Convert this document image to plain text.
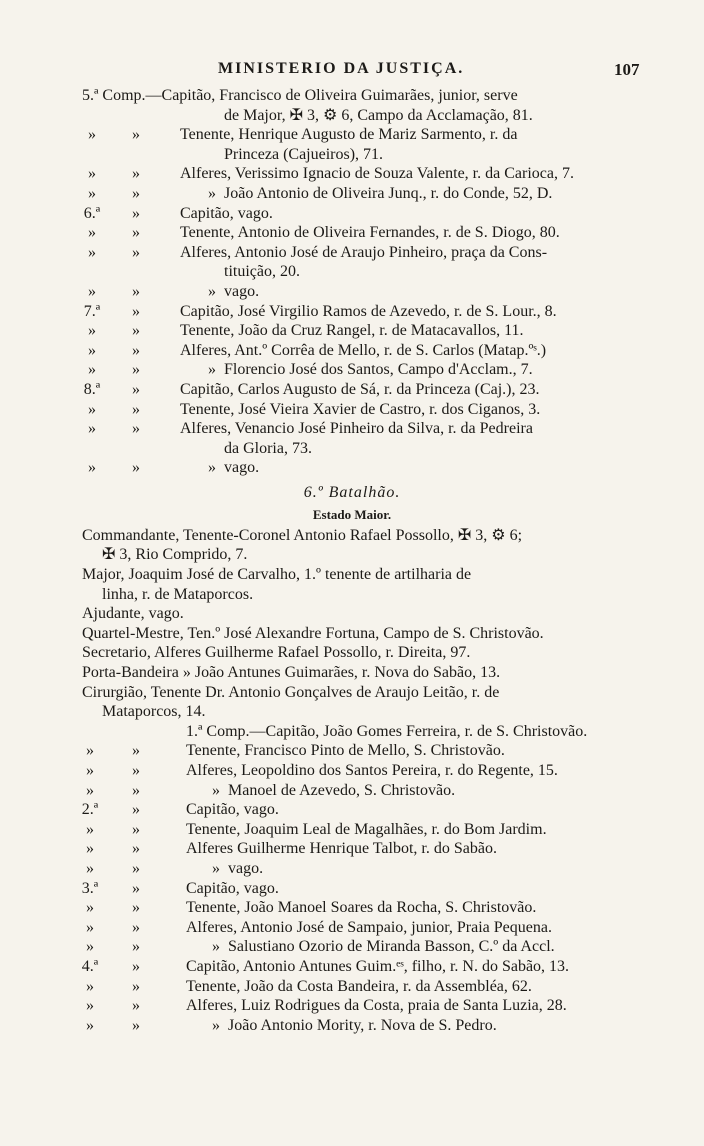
MINISTERIO DA JUSTIÇA.	107
5.ª Comp.—Capitão, Francisco de Oliveira Guimarães, junior, serve
de Major, ✠ 3, ⚙ 6, Campo da Acclamação, 81.
»	»	Tenente, Henrique Augusto de Mariz Sarmento, r. da
Princeza (Cajueiros), 71.
»	»	Alferes, Verissimo Ignacio de Souza Valente, r. da Carioca, 7.
»	»	» João Antonio de Oliveira Junq., r. do Conde, 52, D.
6.ª	»	Capitão, vago.
»	»	Tenente, Antonio de Oliveira Fernandes, r. de S. Diogo, 80.
»	»	Alferes, Antonio José de Araujo Pinheiro, praça da Cons-
tituição, 20.
»	»	» vago.
7.ª	»	Capitão, José Virgilio Ramos de Azevedo, r. de S. Lour., 8.
»	»	Tenente, João da Cruz Rangel, r. de Matacavallos, 11.
»	»	Alferes, Ant.º Corrêa de Mello, r. de S. Carlos (Matap.ºˢ.)
»	»	» Florencio José dos Santos, Campo d'Acclam., 7.
8.ª	»	Capitão, Carlos Augusto de Sá, r. da Princeza (Caj.), 23.
»	»	Tenente, José Vieira Xavier de Castro, r. dos Ciganos, 3.
»	»	Alferes, Venancio José Pinheiro da Silva, r. da Pedreira
da Gloria, 73.
»	»	» vago.
6.º Batalhão.
Estado Maior.
Commandante, Tenente-Coronel Antonio Rafael Possollo, ✠ 3, ⚙ 6;
✠ 3, Rio Comprido, 7.
Major, Joaquim José de Carvalho, 1.º tenente de artilharia de
linha, r. de Mataporcos.
Ajudante, vago.
Quartel-Mestre, Ten.º José Alexandre Fortuna, Campo de S. Christovão.
Secretario, Alferes Guilherme Rafael Possollo, r. Direita, 97.
Porta-Bandeira » João Antunes Guimarães, r. Nova do Sabão, 13.
Cirurgião, Tenente Dr. Antonio Gonçalves de Araujo Leitão, r. de
Mataporcos, 14.
1.ª Comp.—Capitão, João Gomes Ferreira, r. de S. Christovão.
»	»	Tenente, Francisco Pinto de Mello, S. Christovão.
»	»	Alferes, Leopoldino dos Santos Pereira, r. do Regente, 15.
»	»	» Manoel de Azevedo, S. Christovão.
2.ª	»	Capitão, vago.
»	»	Tenente, Joaquim Leal de Magalhães, r. do Bom Jardim.
»	»	Alferes Guilherme Henrique Talbot, r. do Sabão.
»	»	» vago.
3.ª	»	Capitão, vago.
»	»	Tenente, João Manoel Soares da Rocha, S. Christovão.
»	»	Alferes, Antonio José de Sampaio, junior, Praia Pequena.
»	»	» Salustiano Ozorio de Miranda Basson, C.º da Accl.
4.ª	»	Capitão, Antonio Antunes Guim.ᵉˢ, filho, r. N. do Sabão, 13.
»	»	Tenente, João da Costa Bandeira, r. da Assembléa, 62.
»	»	Alferes, Luiz Rodrigues da Costa, praia de Santa Luzia, 28.
»	»	» João Antonio Mority, r. Nova de S. Pedro.
